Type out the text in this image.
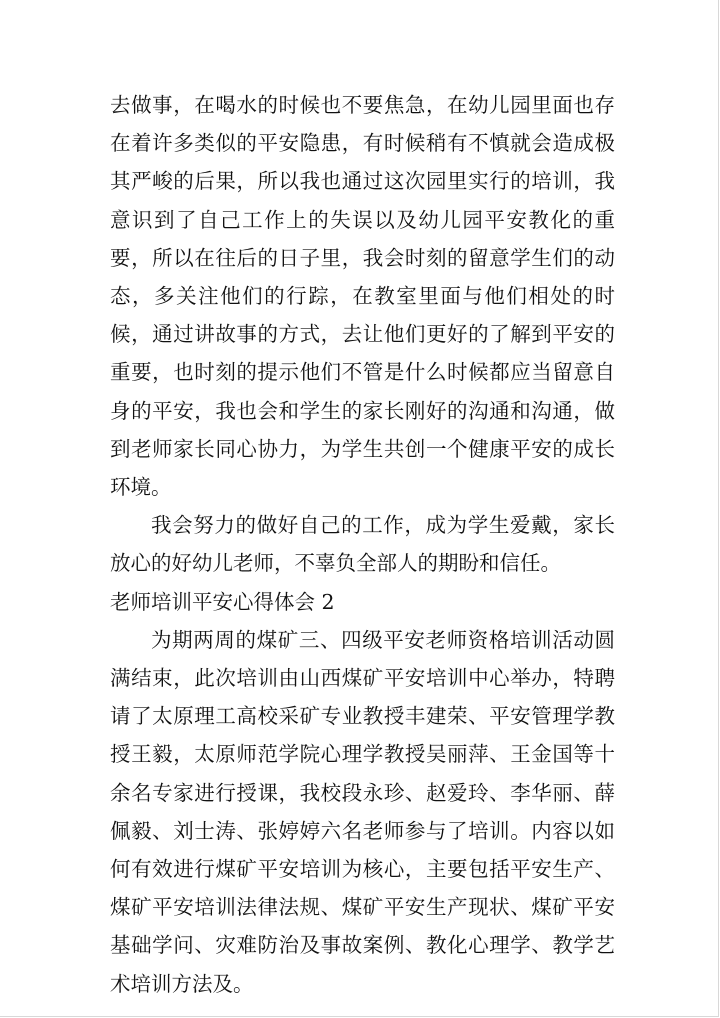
去做事，在喝水的时候也不要焦急，在幼儿园里面也存在着许多类似的平安隐患，有时候稍有不慎就会造成极其严峻的后果，所以我也通过这次园里实行的培训，我意识到了自己工作上的失误以及幼儿园平安教化的重要，所以在往后的日子里，我会时刻的留意学生们的动态，多关注他们的行踪，在教室里面与他们相处的时候，通过讲故事的方式，去让他们更好的了解到平安的重要，也时刻的提示他们不管是什么时候都应当留意自身的平安，我也会和学生的家长刚好的沟通和沟通，做到老师家长同心协力，为学生共创一个健康平安的成长环境。

我会努力的做好自己的工作，成为学生爱戴，家长放心的好幼儿老师，不辜负全部人的期盼和信任。

老师培训平安心得体会 2

为期两周的煤矿三、四级平安老师资格培训活动圆满结束，此次培训由山西煤矿平安培训中心举办，特聘请了太原理工高校采矿专业教授丰建荣、平安管理学教授王毅，太原师范学院心理学教授吴丽萍、王金国等十余名专家进行授课，我校段永珍、赵爱玲、李华丽、薛佩毅、刘士涛、张婷婷六名老师参与了培训。内容以如何有效进行煤矿平安培训为核心，主要包括平安生产、煤矿平安培训法律法规、煤矿平安生产现状、煤矿平安基础学问、灾难防治及事故案例、教化心理学、教学艺术培训方法及。
